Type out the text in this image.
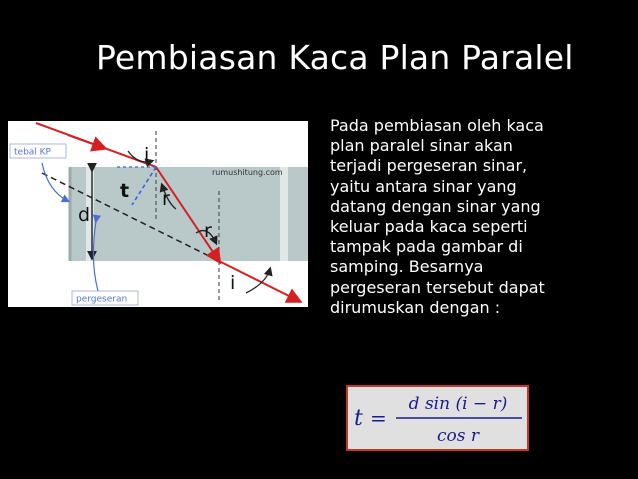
Pembiasan Kaca Plan Paralel
tebal KP
pergeseran
rumushitung.com
i
r
t
d
r
i
Pada pembiasan oleh kaca
plan paralel sinar akan
terjadi pergeseran sinar,
yaitu antara sinar yang
datang dengan sinar yang
keluar pada kaca seperti
tampak pada gambar di
samping. Besarnya
pergeseran tersebut dapat
dirumuskan dengan :
t =
d sin (i − r)
cos r
